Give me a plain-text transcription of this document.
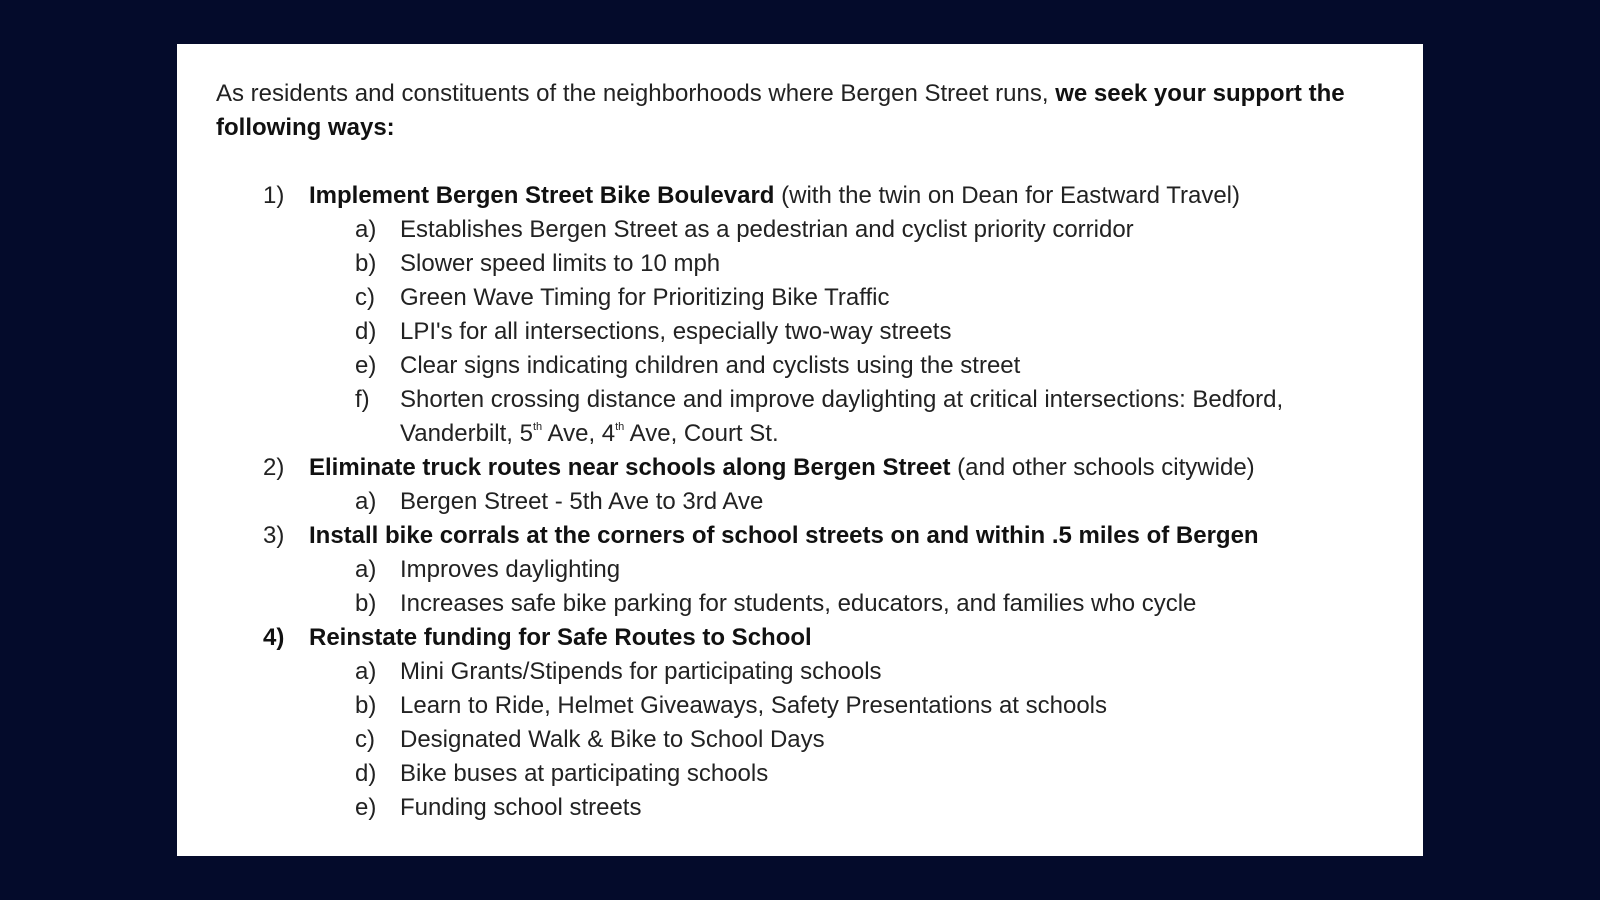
As residents and constituents of the neighborhoods where Bergen Street runs, we seek your support the following ways:

1) Implement Bergen Street Bike Boulevard (with the twin on Dean for Eastward Travel)
a) Establishes Bergen Street as a pedestrian and cyclist priority corridor
b) Slower speed limits to 10 mph
c) Green Wave Timing for Prioritizing Bike Traffic
d) LPI's for all intersections, especially two-way streets
e) Clear signs indicating children and cyclists using the street
f) Shorten crossing distance and improve daylighting at critical intersections: Bedford, Vanderbilt, 5th Ave, 4th Ave, Court St.
2) Eliminate truck routes near schools along Bergen Street (and other schools citywide)
a) Bergen Street - 5th Ave to 3rd Ave
3) Install bike corrals at the corners of school streets on and within .5 miles of Bergen
a) Improves daylighting
b) Increases safe bike parking for students, educators, and families who cycle
4) Reinstate funding for Safe Routes to School
a) Mini Grants/Stipends for participating schools
b) Learn to Ride, Helmet Giveaways, Safety Presentations at schools
c) Designated Walk & Bike to School Days
d) Bike buses at participating schools
e) Funding school streets
